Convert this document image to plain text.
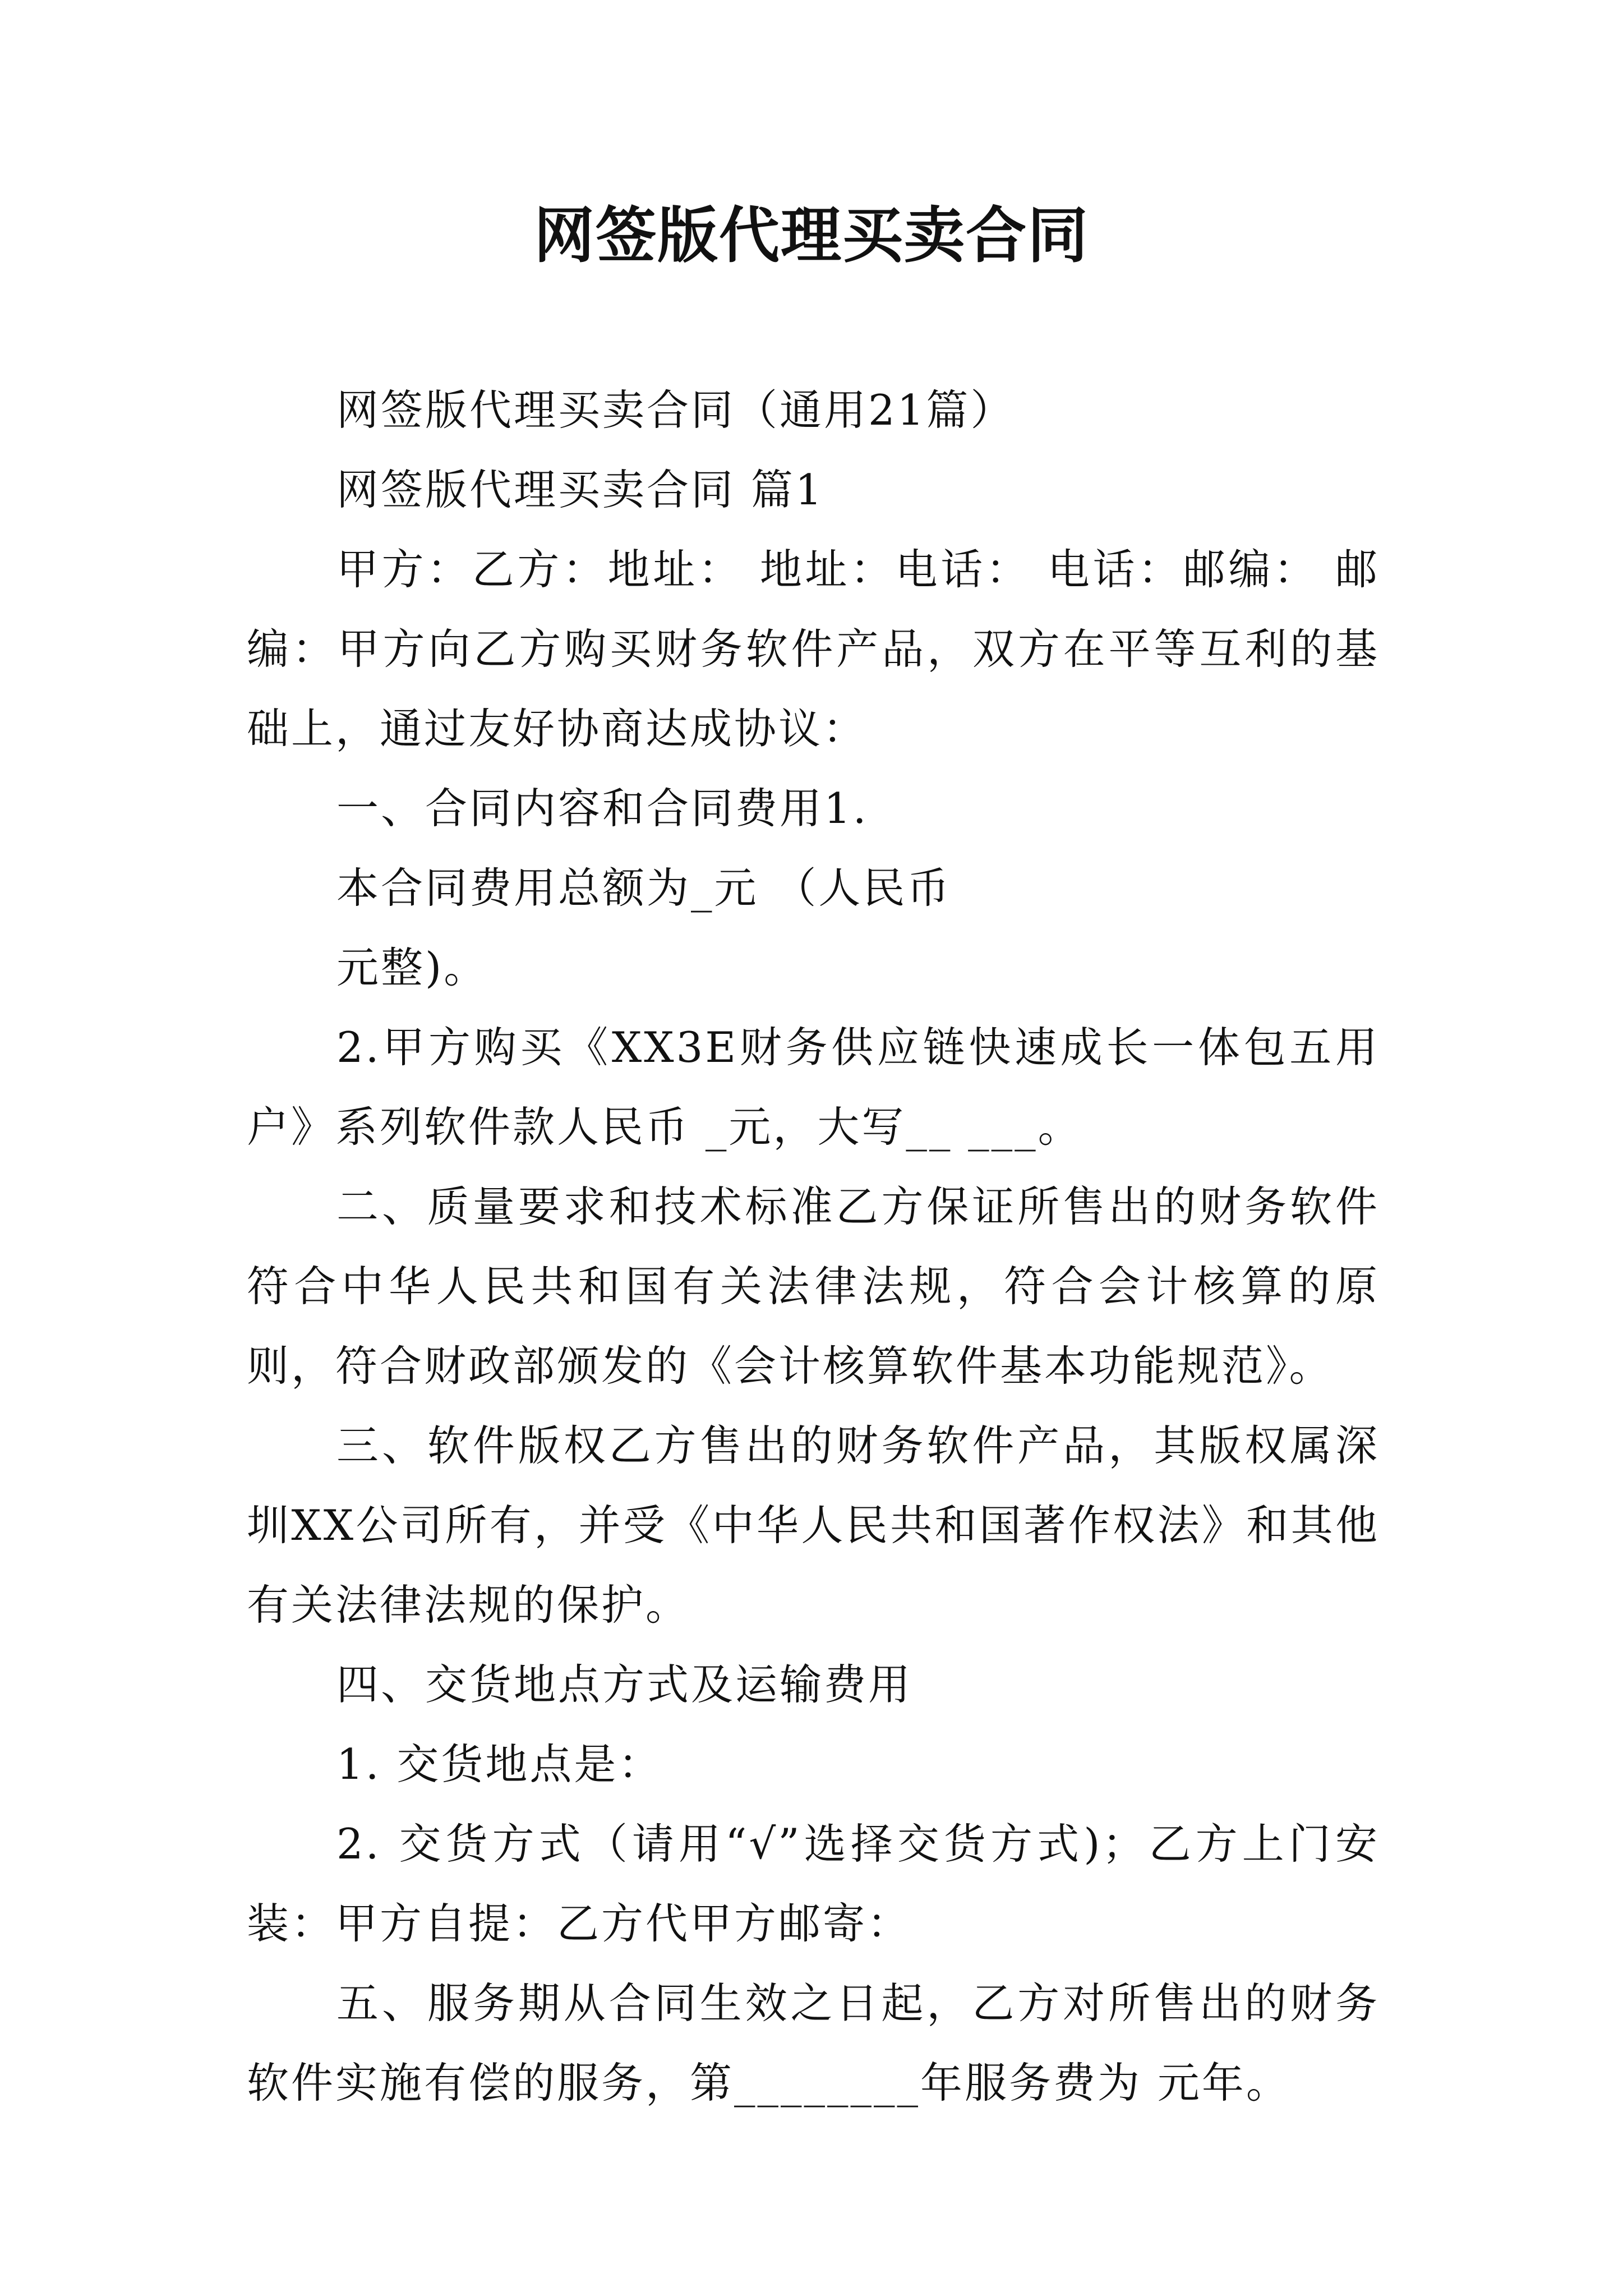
网签版代理买卖合同

网签版代理买卖合同（通用21篇）

网签版代理买卖合同 篇1

甲方：乙方：地址： 地址：电话： 电话：邮编： 邮编：甲方向乙方购买财务软件产品，双方在平等互利的基础上，通过友好协商达成协议：

一、合同内容和合同费用1.

本合同费用总额为_元 （人民币

元整)。

2.甲方购买《XX3E财务供应链快速成长一体包五用户》系列软件款人民币 _元，大写__ ___。

二、质量要求和技术标准乙方保证所售出的财务软件符合中华人民共和国有关法律法规，符合会计核算的原则，符合财政部颁发的《会计核算软件基本功能规范》。

三、软件版权乙方售出的财务软件产品，其版权属深圳XX公司所有，并受《中华人民共和国著作权法》和其他有关法律法规的保护。

四、交货地点方式及运输费用

1. 交货地点是：

2. 交货方式（请用“√”选择交货方式)；乙方上门安装：甲方自提：乙方代甲方邮寄：

五、服务期从合同生效之日起，乙方对所售出的财务软件实施有偿的服务，第________年服务费为 元年。
